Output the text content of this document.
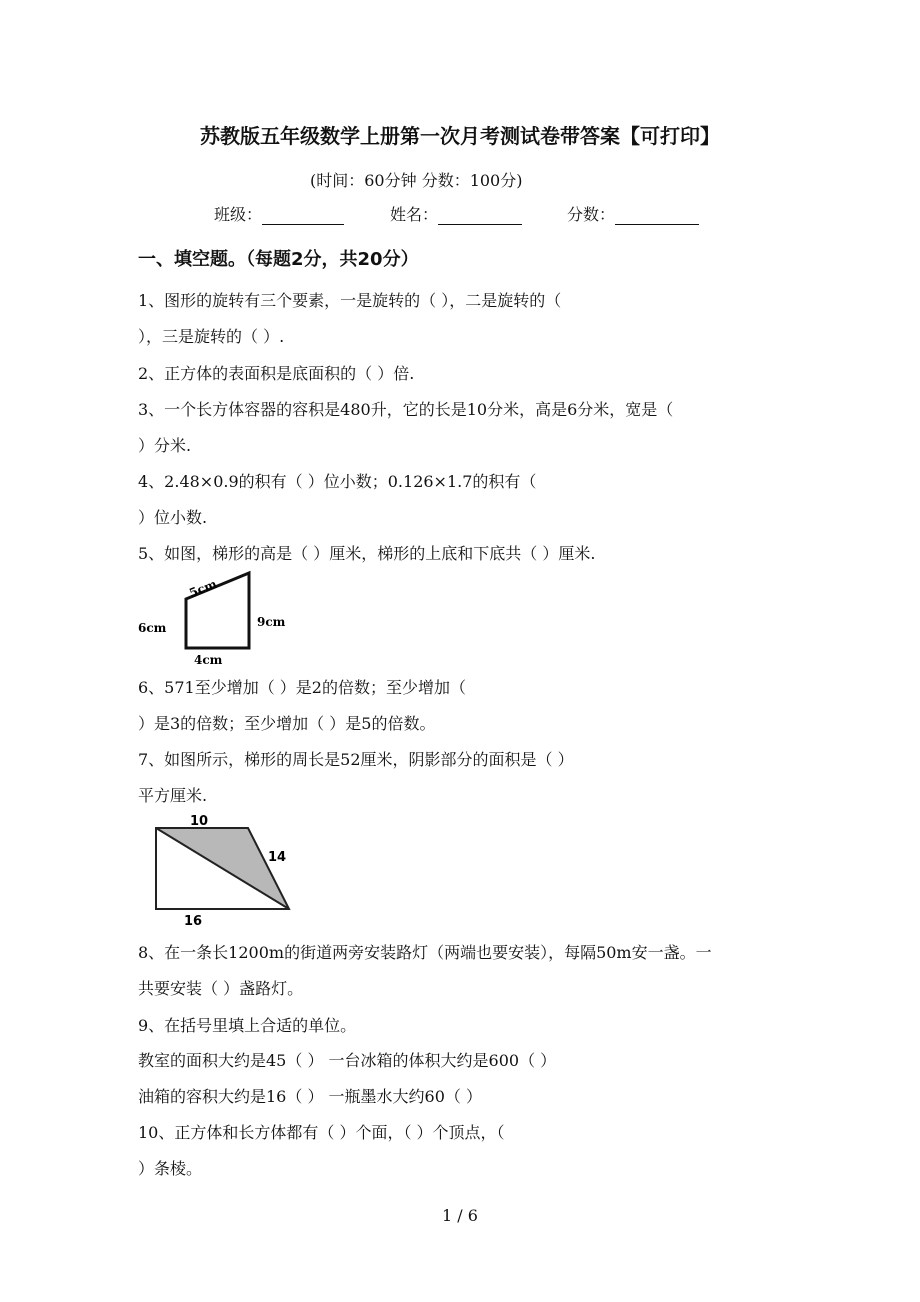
苏教版五年级数学上册第一次月考测试卷带答案【可打印】
(时间：60分钟 分数：100分)
班级：	姓名：	分数：
一、填空题。（每题2分，共20分）
1、图形的旋转有三个要素，一是旋转的（ ），二是旋转的（
），三是旋转的（ ）.
2、正方体的表面积是底面积的（ ）倍.
3、一个长方体容器的容积是480升，它的长是10分米，高是6分米，宽是（
）分米.
4、2.48×0.9的积有（ ）位小数；0.126×1.7的积有（
）位小数.
5、如图，梯形的高是（ ）厘米，梯形的上底和下底共（ ）厘米.
5cm
6cm	9cm
4cm
6、571至少增加（ ）是2的倍数；至少增加（
）是3的倍数；至少增加（ ）是5的倍数。
7、如图所示，梯形的周长是52厘米，阴影部分的面积是（ ）
平方厘米.
10
14
16
8、在一条长1200m的街道两旁安装路灯（两端也要安装），每隔50m安一盏。一
共要安装（ ）盏路灯。
9、在括号里填上合适的单位。
教室的面积大约是45（ ） 一台冰箱的体积大约是600（ ）
油箱的容积大约是16（ ） 一瓶墨水大约60（ ）
10、正方体和长方体都有（ ）个面，（ ）个顶点，（
）条棱。
1 / 6
